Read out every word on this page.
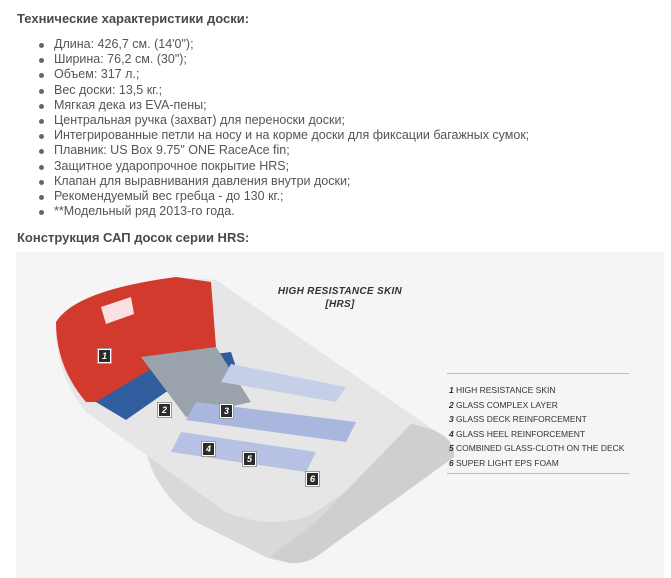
Технические характеристики доски:
Длина: 426,7 см. (14'0");
Ширина: 76,2 см. (30");
Объем: 317 л.;
Вес доски: 13,5 кг.;
Мягкая дека из EVA-пены;
Центральная ручка (захват) для переноски доски;
Интегрированные петли на носу и на корме доски для фиксации багажных сумок;
Плавник: US Box 9.75" ONE RaceAce fin;
Защитное ударопрочное покрытие HRS;
Клапан для выравнивания давления внутри доски;
Рекомендуемый вес гребца - до 130 кг.;
**Модельный ряд 2013-го года.
Конструкция САП досок серии HRS:
HIGH RESISTANCE SKIN
[HRS]
1
2	3
4
5
6
1 HIGH RESISTANCE SKIN
2 GLASS COMPLEX LAYER
3 GLASS DECK REINFORCEMENT
4 GLASS HEEL REINFORCEMENT
5 COMBINED GLASS-CLOTH ON THE DECK
6 SUPER LIGHT EPS FOAM
